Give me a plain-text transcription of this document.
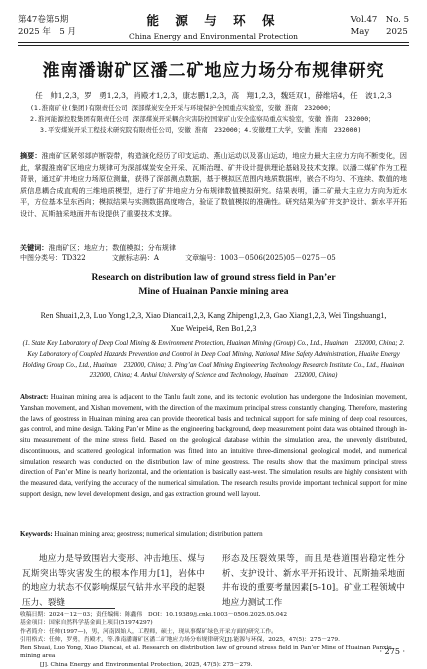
第47卷第5期
2025 年　5 月
能 源 与 环 保
China Energy and Environmental Protection
Vol.47　No. 5
May　　2025
淮南潘谢矿区潘二矿地应力场分布规律研究
任　帅1,2,3，罗　勇1,2,3，肖殿才1,2,3，康志鹏1,2,3，高　翔1,2,3，魏廷双1，薛维培4，任　波1,2,3
(1.淮南矿业(集团)有限责任公司 深部煤炭安全开采与环境保护全国重点实验室，安徽 淮南　232000；
2.淮河能源控股集团有限责任公司 深部煤炭开采耦合灾害防控国家矿山安全监察局重点实验室，安徽 淮南　232000；
3.平安煤炭开采工程技术研究院有限责任公司，安徽 淮南　232000；4.安徽理工大学，安徽 淮南　232000)
摘要：淮南矿区紧邻郯庐断裂带，构造演化经历了印支运动、燕山运动以及喜山运动，地应力最大主应力方向不断变化，因此，掌握淮南矿区地应力规律可为深部煤炭安全开采、瓦斯治理、矿井设计提供理论基础及技术支撑。以潘二煤矿作为工程背景，通过矿井地应力场原位测量，获得了深部测点数据，基于模拟区范围内地质数据库，嵌合不均匀、不连续、数值的地质信息耦合成直观的三维地质模型，进行了矿井地应力分布规律数值模拟研究。结果表明，潘二矿最大主应力方向为近水平，方位基本呈东西向；模拟结果与实测数据高度吻合，验证了数值模拟的准确性。研究结果为矿井支护设计、新水平开拓设计、瓦斯抽采地面井布设提供了重要技术支撑。
关键词：淮南矿区；地应力；数值模拟；分布规律
中图分类号：TD322	文献标志码：A	文章编号：1003－0506(2025)05－0275－05
Research on distribution law of ground stress field in Pan’er
Mine of Huainan Panxie mining area
Ren Shuai1,2,3, Luo Yong1,2,3, Xiao Diancai1,2,3, Kang Zhipeng1,2,3, Gao Xiang1,2,3, Wei Tingshuang1,
Xue Weipei4, Ren Bo1,2,3
(1. State Key Laboratory of Deep Coal Mining & Environment Protection, Huainan Mining (Group) Co., Ltd., Huainan　232000, China; 2. Key Laboratory of Coupled Hazards Prevention and Control in Deep Coal Mining, National Mine Safety Administration, Huaihe Energy Holding Group Co., Ltd., Huainan　232000, China; 3. Ping’an Coal Mining Engineering Technology Research Institute Co., Ltd., Huainan　232000, China; 4. Anhui University of Science and Technology, Huainan　232000, China)
Abstract: Huainan mining area is adjacent to the Tanlu fault zone, and its tectonic evolution has undergone the Indosinian movement, Yanshan movement, and Xishan movement, with the direction of the maximum principal stress constantly changing. Therefore, mastering the laws of geostress in Huainan mining area can provide theoretical basis and technical support for safe mining of deep coal resources, gas control, and mine design. Taking Pan’er Mine as the engineering background, deep measurement point data was obtained through in-situ measurement of the mine stress field. Based on the geological database within the simulation area, the unevenly distributed, discontinuous, and scattered geological information was fitted into an intuitive three-dimensional geological model, and numerical simulation research was conducted on the distribution law of mine geostress. The results show that the maximum principal stress direction of Pan’er Mine is nearly horizontal, and the orientation is basically east-west. The simulation results are highly consistent with the measured data, verifying the accuracy of the numerical simulation. The research results provide important technical support for mine support design, new level development design, and gas extraction ground well layout.
Keywords: Huainan mining area; geostress; numerical simulation; distribution pattern
地应力是导致围岩大变形、冲击地压、煤与瓦斯突出等灾害发生的根本作用力[1]，岩体中的地应力状态不仅影响煤层气钻井水平段的起裂压力、裂缝
形态及压裂效果等，而且是巷道围岩稳定性分析、支护设计、新水平开拓设计、瓦斯抽采地面井布设的重要考量因素[5-10]。矿业工程领域中地应力测试工作
收稿日期：2024－12－03；责任编辑：陈鑫伟　DOI：10.19389/j.cnki.1003－0506.2025.05.042
基金项目：国家自然科学基金面上项目(51974297)
作者简介：任帅(1997—)，男，河南固始人，工程师，硕士，现从事煤矿绿色开采方面的研究工作。
引用格式：任帅，罗勇，肖殿才，等.淮南潘谢矿区潘二矿地应力场分布规律研究[J].能源与环保，2025，47(5)：275－279.
Ren Shuai, Luo Yong, Xiao Diancai, et al. Research on distribution law of ground stress field in Pan’er Mine of Huainan Panxie mining area
[J]. China Energy and Environmental Protection, 2025, 47(5): 275－279.
· 275 ·
